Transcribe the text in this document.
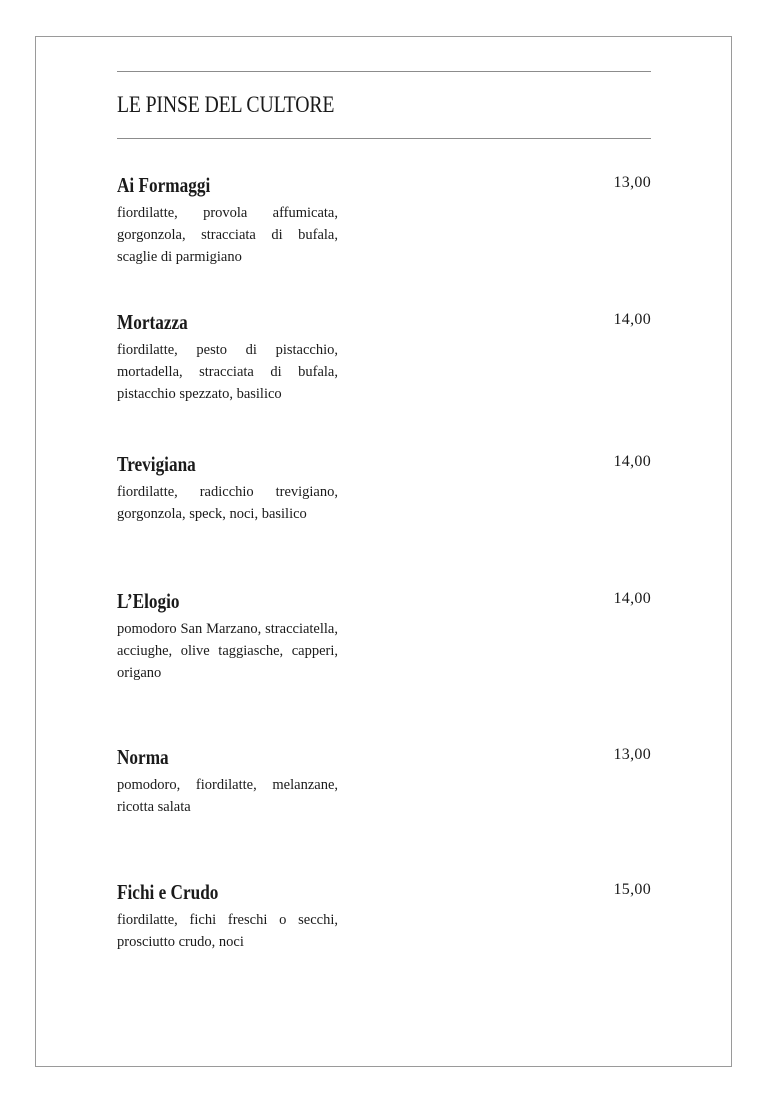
LE PINSE DEL CULTORE
Ai Formaggi

fiordilatte, provola affumicata, gorgonzola, stracciata di bufala, scaglie di parmigiano

13,00
Mortazza

fiordilatte, pesto di pistacchio, mortadella, stracciata di bufala, pistacchio spezzato, basilico

14,00
Trevigiana

fiordilatte, radicchio trevigiano, gorgonzola, speck, noci, basilico

14,00
L’Elogio

pomodoro San Marzano, stracciatella, acciughe, olive taggiasche, capperi, origano

14,00
Norma

pomodoro, fiordilatte, melanzane, ricotta salata

13,00
Fichi e Crudo

fiordilatte, fichi freschi o secchi, prosciutto crudo, noci

15,00
